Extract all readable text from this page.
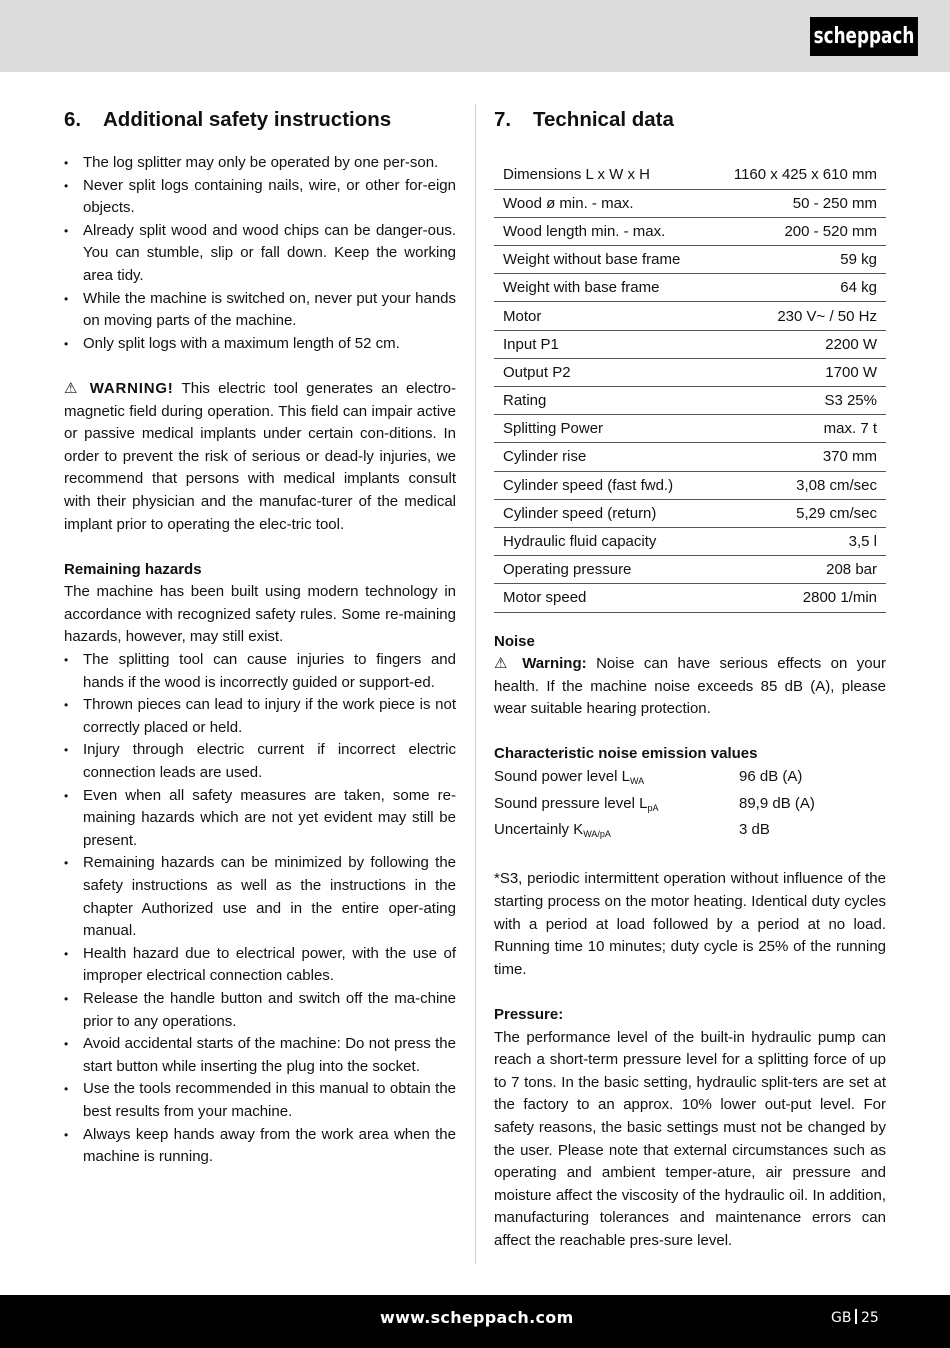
scheppach
6.	Additional safety instructions
• The log splitter may only be operated by one per-son.
• Never split logs containing nails, wire, or other for-eign objects.
• Already split wood and wood chips can be danger-ous. You can stumble, slip or fall down. Keep the working area tidy.
• While the machine is switched on, never put your hands on moving parts of the machine.
• Only split logs with a maximum length of 52 cm.

⚠ WARNING! This electric tool generates an electro-magnetic field during operation. This field can impair active or passive medical implants under certain con-ditions. In order to prevent the risk of serious or dead-ly injuries, we recommend that persons with medical implants consult with their physician and the manufac-turer of the medical implant prior to operating the elec-tric tool.

Remaining hazards

The machine has been built using modern technology in accordance with recognized safety rules. Some re-maining hazards, however, may still exist.

• The splitting tool can cause injuries to fingers and hands if the wood is incorrectly guided or support-ed.
• Thrown pieces can lead to injury if the work piece is not correctly placed or held.
• Injury through electric current if incorrect electric connection leads are used.
• Even when all safety measures are taken, some re-maining hazards which are not yet evident may still be present.
• Remaining hazards can be minimized by following the safety instructions as well as the instructions in the chapter Authorized use and in the entire oper-ating manual.
• Health hazard due to electrical power, with the use of improper electrical connection cables.
• Release the handle button and switch off the ma-chine prior to any operations.
• Avoid accidental starts of the machine: Do not press the start button while inserting the plug into the socket.
• Use the tools recommended in this manual to obtain the best results from your machine.
• Always keep hands away from the work area when the machine is running.
7.	Technical data
Dimensions L x W x H	1160 x 425 x 610 mm
Wood ø min. - max.	50 - 250 mm
Wood length min. - max.	200 - 520 mm
Weight without base frame	59 kg
Weight with base frame	64 kg
Motor	230 V~ / 50 Hz
Input P1	2200 W
Output P2	1700 W
Rating	S3 25%
Splitting Power	max. 7 t
Cylinder rise	370 mm
Cylinder speed (fast fwd.)	3,08 cm/sec
Cylinder speed (return)	5,29 cm/sec
Hydraulic fluid capacity	3,5 l
Operating pressure	208 bar
Motor speed	2800 1/min

Noise

⚠ Warning: Noise can have serious effects on your health. If the machine noise exceeds 85 dB (A), please wear suitable hearing protection.

Characteristic noise emission values

Sound power level $L_{WA}$	96 dB (A)
Sound pressure level $L_{pA}$	89,9 dB (A)
Uncertainly $K_{WA/pA}$	3 dB

*S3, periodic intermittent operation without influence of the starting process on the motor heating. Identical duty cycles with a period at load followed by a period at no load. Running time 10 minutes; duty cycle is 25% of the running time.

Pressure:

The performance level of the built-in hydraulic pump can reach a short-term pressure level for a splitting force of up to 7 tons. In the basic setting, hydraulic split-ters are set at the factory to an approx. 10% lower out-put level. For safety reasons, the basic settings must not be changed by the user. Please note that external circumstances such as operating and ambient temper-ature, air pressure and moisture affect the viscosity of the hydraulic oil. In addition, manufacturing tolerances and maintenance errors can affect the reachable pres-sure level.

www.scheppach.com	GB 25
